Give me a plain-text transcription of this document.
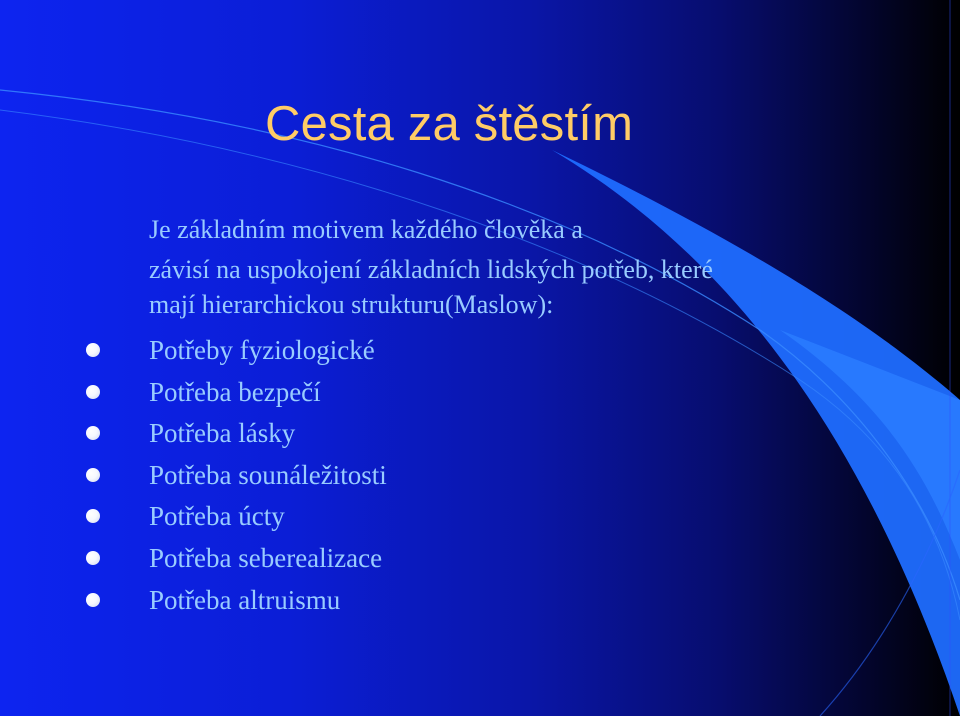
Cesta za štěstím
Je základním motivem každého člověka a
závisí na uspokojení základních lidských potřeb, které
mají hierarchickou strukturu(Maslow):
Potřeby fyziologické
Potřeba bezpečí
Potřeba lásky
Potřeba sounáležitosti
Potřeba úcty
Potřeba seberealizace
Potřeba altruismu
